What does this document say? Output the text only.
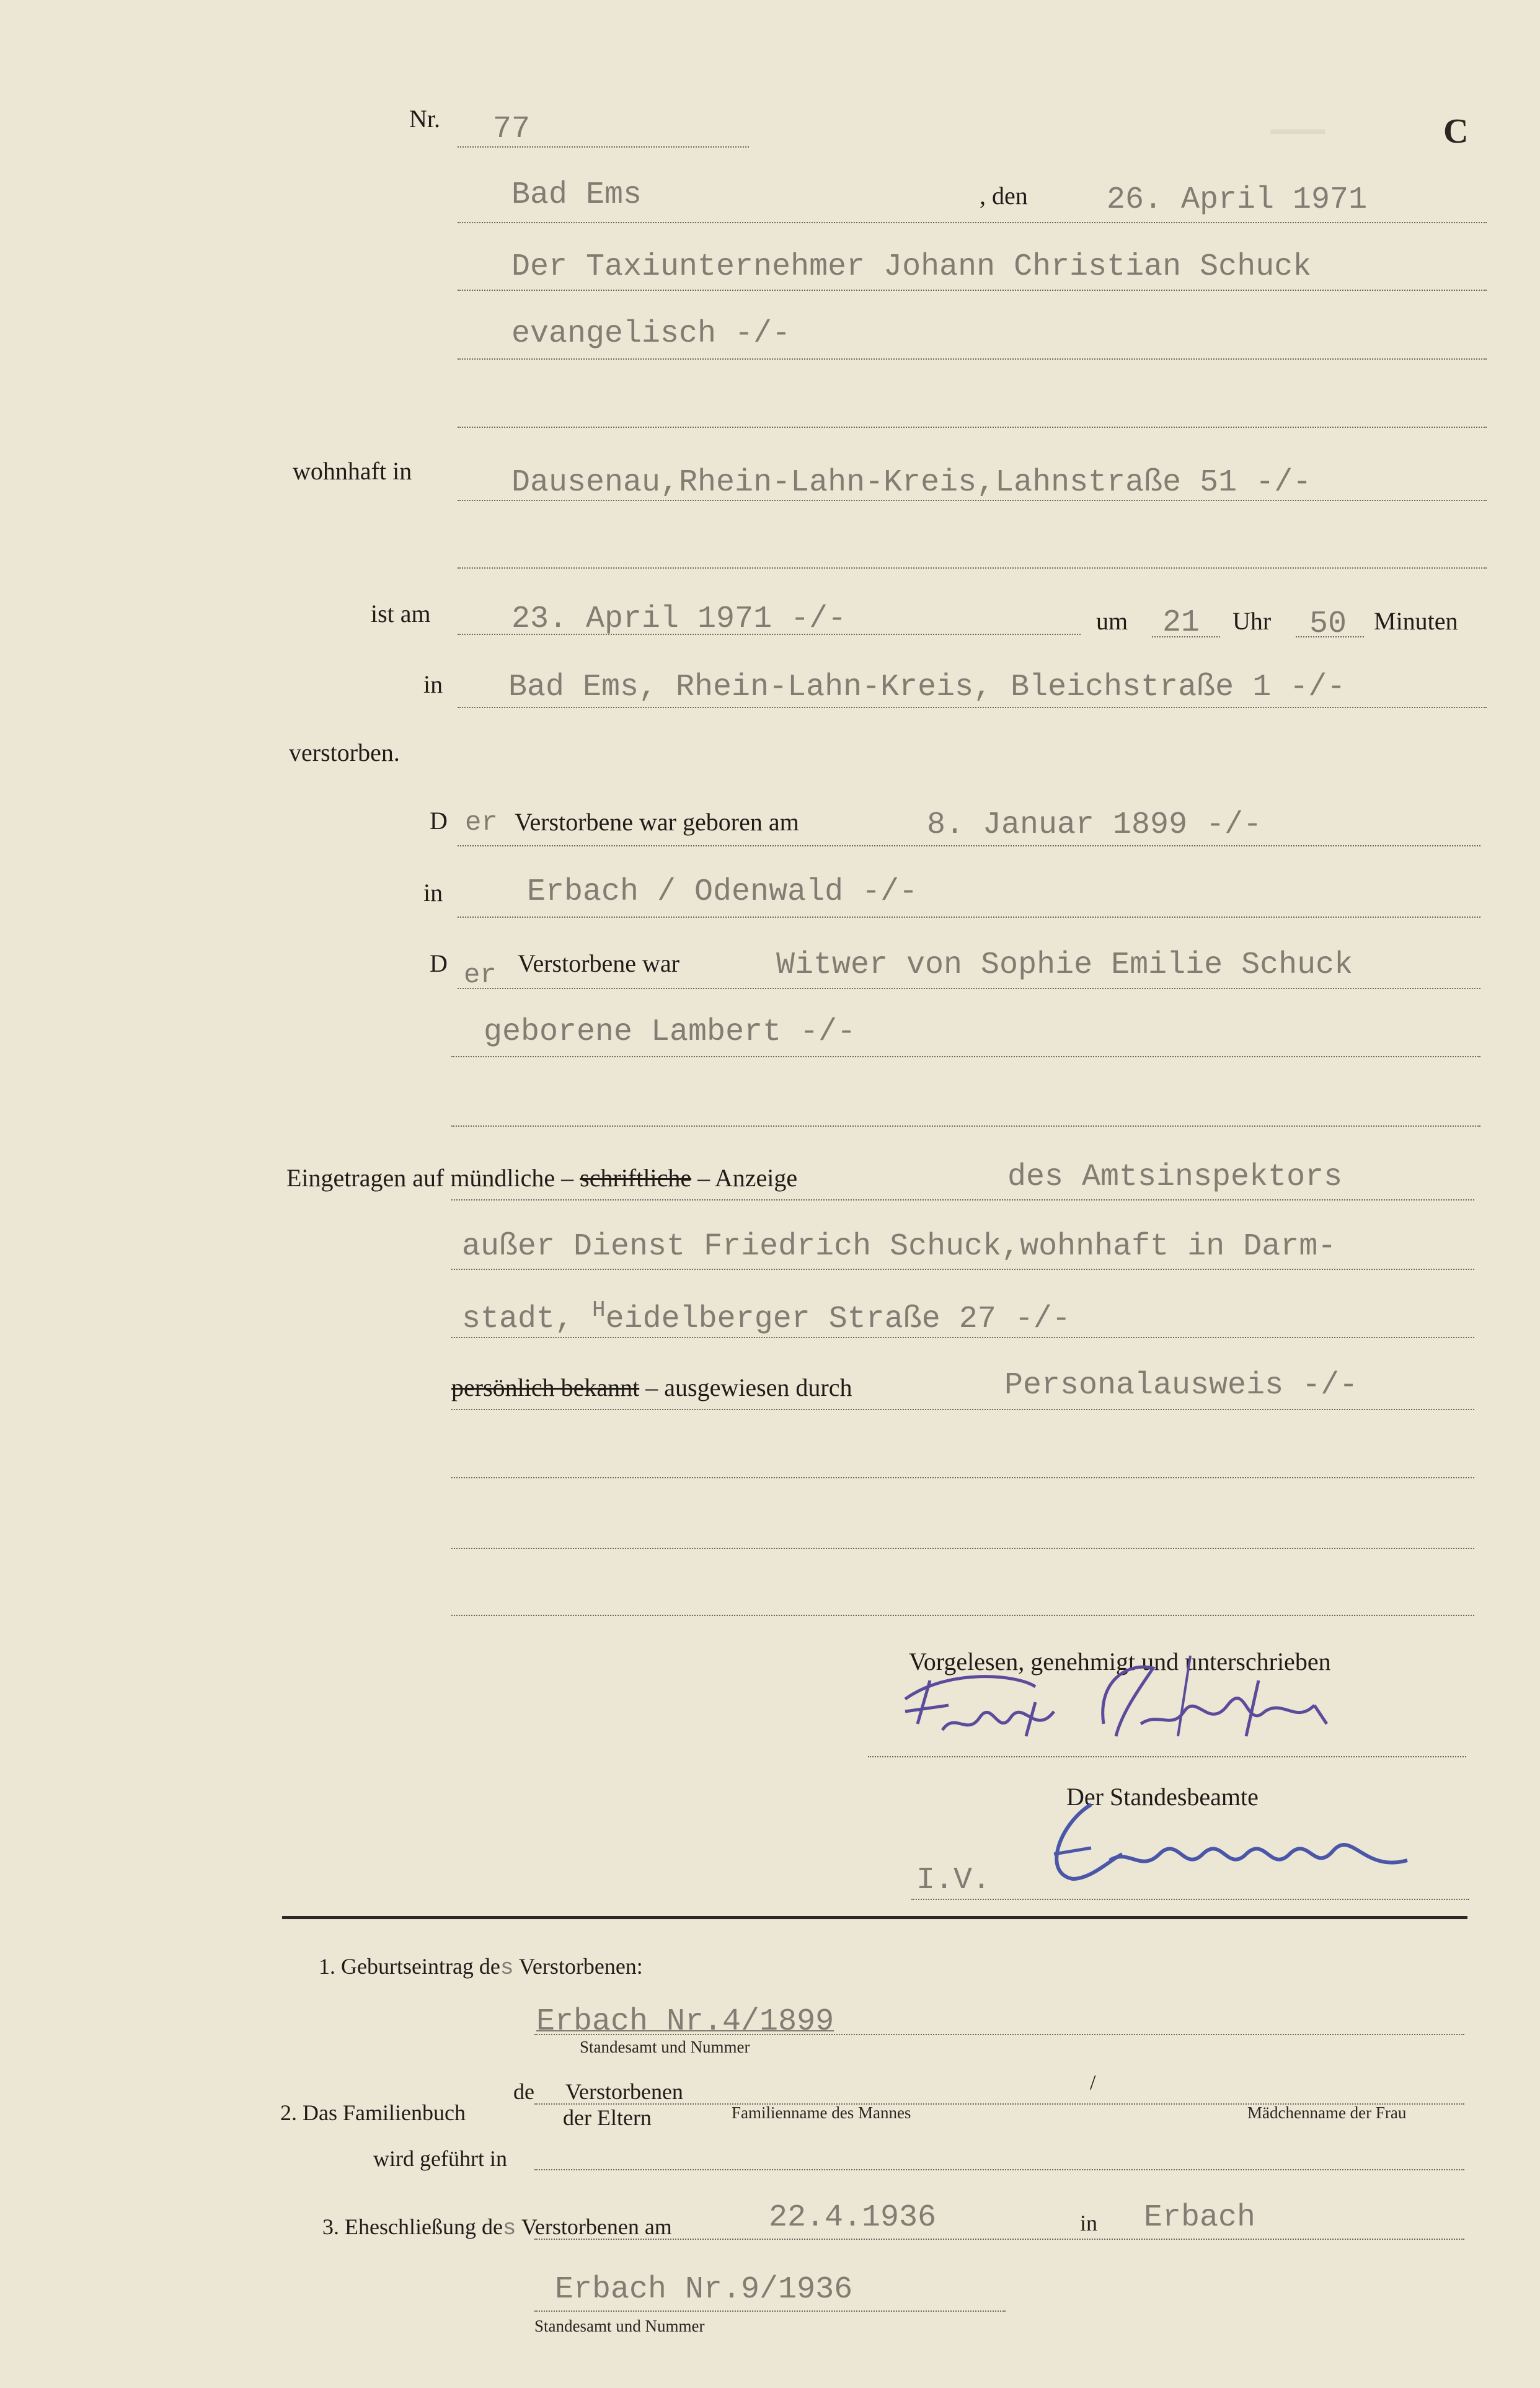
▁▁▁
Nr. 77	C
Bad Ems	, den	26. April 1971
Der Taxiunternehmer Johann Christian Schuck
evangelisch -/-
wohnhaft in	Dausenau,Rhein-Lahn-Kreis,Lahnstraße 51 -/-
ist am	23. April 1971 -/-	um 21 Uhr 50 Minuten
in Bad Ems, Rhein-Lahn-Kreis, Bleichstraße 1 -/-
verstorben.
D er Verstorbene war geboren am	8. Januar 1899 -/-
in	Erbach / Odenwald -/-
D er Verstorbene war	Witwer von Sophie Emilie Schuck
geborene Lambert -/-
Eingetragen auf mündliche – schriftliche – Anzeige	des Amtsinspektors
außer Dienst Friedrich Schuck,wohnhaft in Darm-
stadt, $^H$eidelberger Straße 27 -/-
persönlich bekannt – ausgewiesen durch	Personalausweis -/-
Vorgelesen, genehmigt und unterschrieben
Der Standesbeamte
I.V.
1. Geburtseintrag des Verstorbenen:
Erbach Nr.4/1899
Standesamt und Nummer
de Verstorbenen	/
2. Das Familienbuch	der Eltern	Familienname des Mannes	Mädchenname der Frau
wird geführt in
3. Eheschließung des Verstorbenen am	22.4.1936	in Erbach
Erbach Nr.9/1936
Standesamt und Nummer
